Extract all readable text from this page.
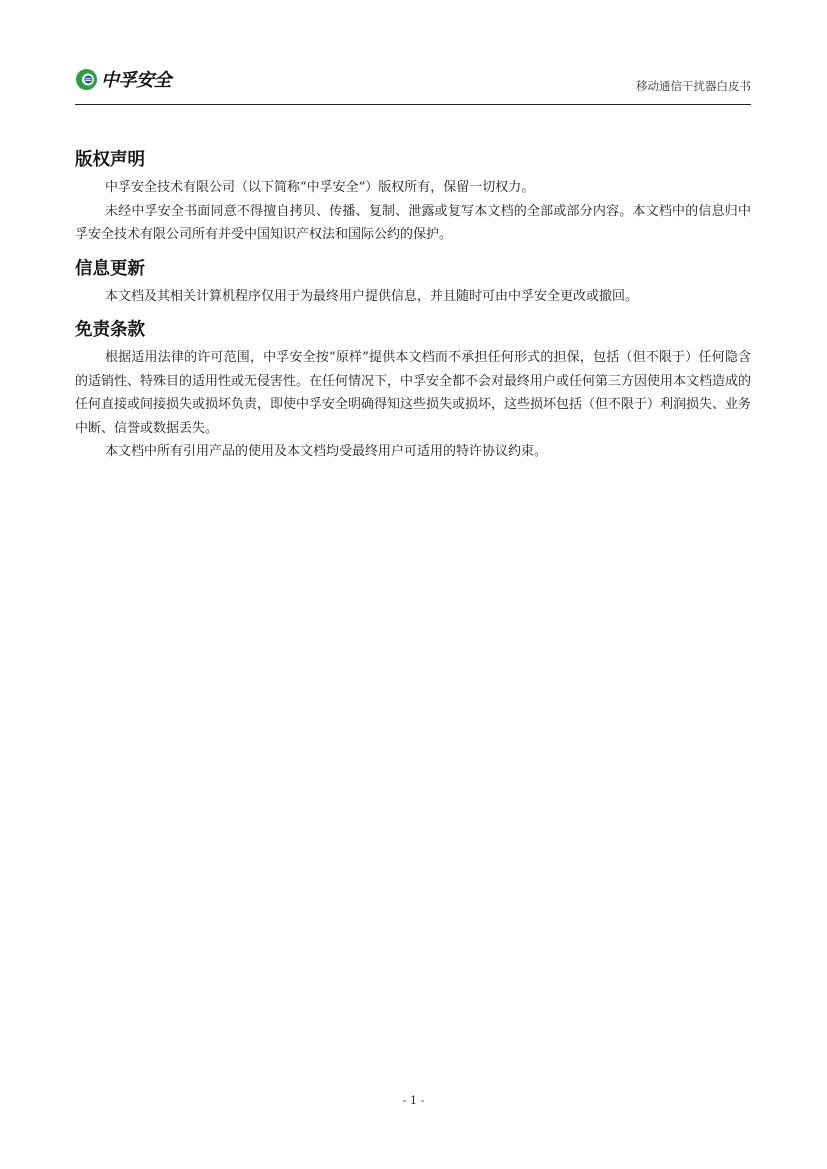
中孚安全	移动通信干扰器白皮书
版权声明

中孚安全技术有限公司（以下简称“中孚安全”）版权所有，保留一切权力。

未经中孚安全书面同意不得擅自拷贝、传播、复制、泄露或复写本文档的全部或部分内容。本文档中的信息归中孚安全技术有限公司所有并受中国知识产权法和国际公约的保护。

信息更新

本文档及其相关计算机程序仅用于为最终用户提供信息，并且随时可由中孚安全更改或撤回。

免责条款

根据适用法律的许可范围，中孚安全按“原样”提供本文档而不承担任何形式的担保，包括（但不限于）任何隐含的适销性、特殊目的适用性或无侵害性。在任何情况下，中孚安全都不会对最终用户或任何第三方因使用本文档造成的任何直接或间接损失或损坏负责，即使中孚安全明确得知这些损失或损坏，这些损坏包括（但不限于）利润损失、业务中断、信誉或数据丢失。

本文档中所有引用产品的使用及本文档均受最终用户可适用的特许协议约束。

- 1 -
